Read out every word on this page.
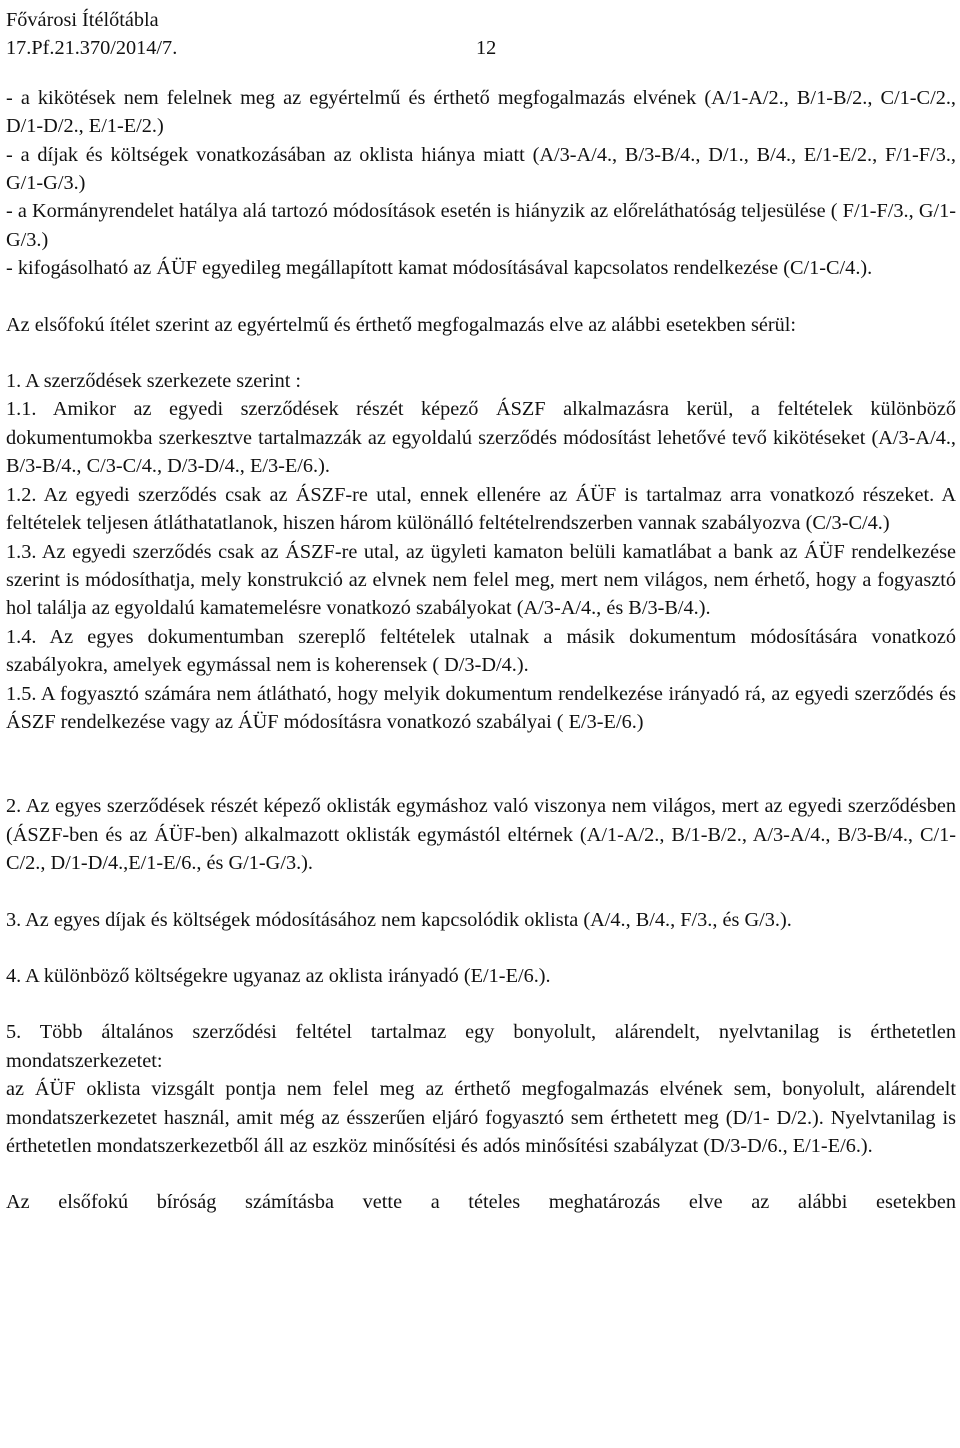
Fővárosi Ítélőtábla
17.Pf.21.370/2014/7.	12

- a kikötések nem felelnek meg az egyértelmű és érthető megfogalmazás elvének (A/1-A/2., B/1-B/2., C/1-C/2., D/1-D/2., E/1-E/2.)

- a díjak és költségek vonatkozásában az oklista hiánya miatt (A/3-A/4., B/3-B/4., D/1., B/4., E/1-E/2., F/1-F/3., G/1-G/3.)

- a Kormányrendelet hatálya alá tartozó módosítások esetén is hiányzik az előreláthatóság teljesülése ( F/1-F/3., G/1-G/3.)

- kifogásolható az ÁÜF egyedileg megállapított kamat módosításával kapcsolatos rendelkezése (C/1-C/4.).

Az elsőfokú ítélet szerint az egyértelmű és érthető megfogalmazás elve az alábbi esetekben sérül:

1. A szerződések szerkezete szerint :

1.1. Amikor az egyedi szerződések részét képező ÁSZF alkalmazásra kerül, a feltételek különböző dokumentumokba szerkesztve tartalmazzák az egyoldalú szerződés módosítást lehetővé tevő kikötéseket (A/3-A/4., B/3-B/4., C/3-C/4., D/3-D/4., E/3-E/6.).

1.2. Az egyedi szerződés csak az ÁSZF-re utal, ennek ellenére az ÁÜF is tartalmaz arra vonatkozó részeket. A feltételek teljesen átláthatatlanok, hiszen három különálló feltételrendszerben vannak szabályozva (C/3-C/4.)

1.3. Az egyedi szerződés csak az ÁSZF-re utal, az ügyleti kamaton belüli kamatlábat a bank az ÁÜF rendelkezése szerint is módosíthatja, mely konstrukció az elvnek nem felel meg, mert nem világos, nem érhető, hogy a fogyasztó hol találja az egyoldalú kamatemelésre vonatkozó szabályokat (A/3-A/4., és B/3-B/4.).

1.4. Az egyes dokumentumban szereplő feltételek utalnak a másik dokumentum módosítására vonatkozó szabályokra, amelyek egymással nem is koherensek ( D/3-D/4.).

1.5. A fogyasztó számára nem átlátható, hogy melyik dokumentum rendelkezése irányadó rá, az egyedi szerződés és ÁSZF rendelkezése vagy az ÁÜF módosításra vonatkozó szabályai ( E/3-E/6.)

2. Az egyes szerződések részét képező oklisták egymáshoz való viszonya nem világos, mert az egyedi szerződésben (ÁSZF-ben és az ÁÜF-ben) alkalmazott oklisták egymástól eltérnek (A/1-A/2., B/1-B/2., A/3-A/4., B/3-B/4., C/1-C/2., D/1-D/4.,E/1-E/6., és G/1-G/3.).

3. Az egyes díjak és költségek módosításához nem kapcsolódik oklista (A/4., B/4., F/3., és G/3.).

4. A különböző költségekre ugyanaz az oklista irányadó (E/1-E/6.).

5. Több általános szerződési feltétel tartalmaz egy bonyolult, alárendelt, nyelvtanilag is érthetetlen mondatszerkezetet:

az ÁÜF oklista vizsgált pontja nem felel meg az érthető megfogalmazás elvének sem, bonyolult, alárendelt mondatszerkezetet használ, amit még az ésszerűen eljáró fogyasztó sem érthetett meg (D/1- D/2.). Nyelvtanilag is érthetetlen mondatszerkezetből áll az eszköz minősítési és adós minősítési szabályzat (D/3-D/6., E/1-E/6.).

Az elsőfokú bíróság számításba vette a tételes meghatározás elve az alábbi esetekben
